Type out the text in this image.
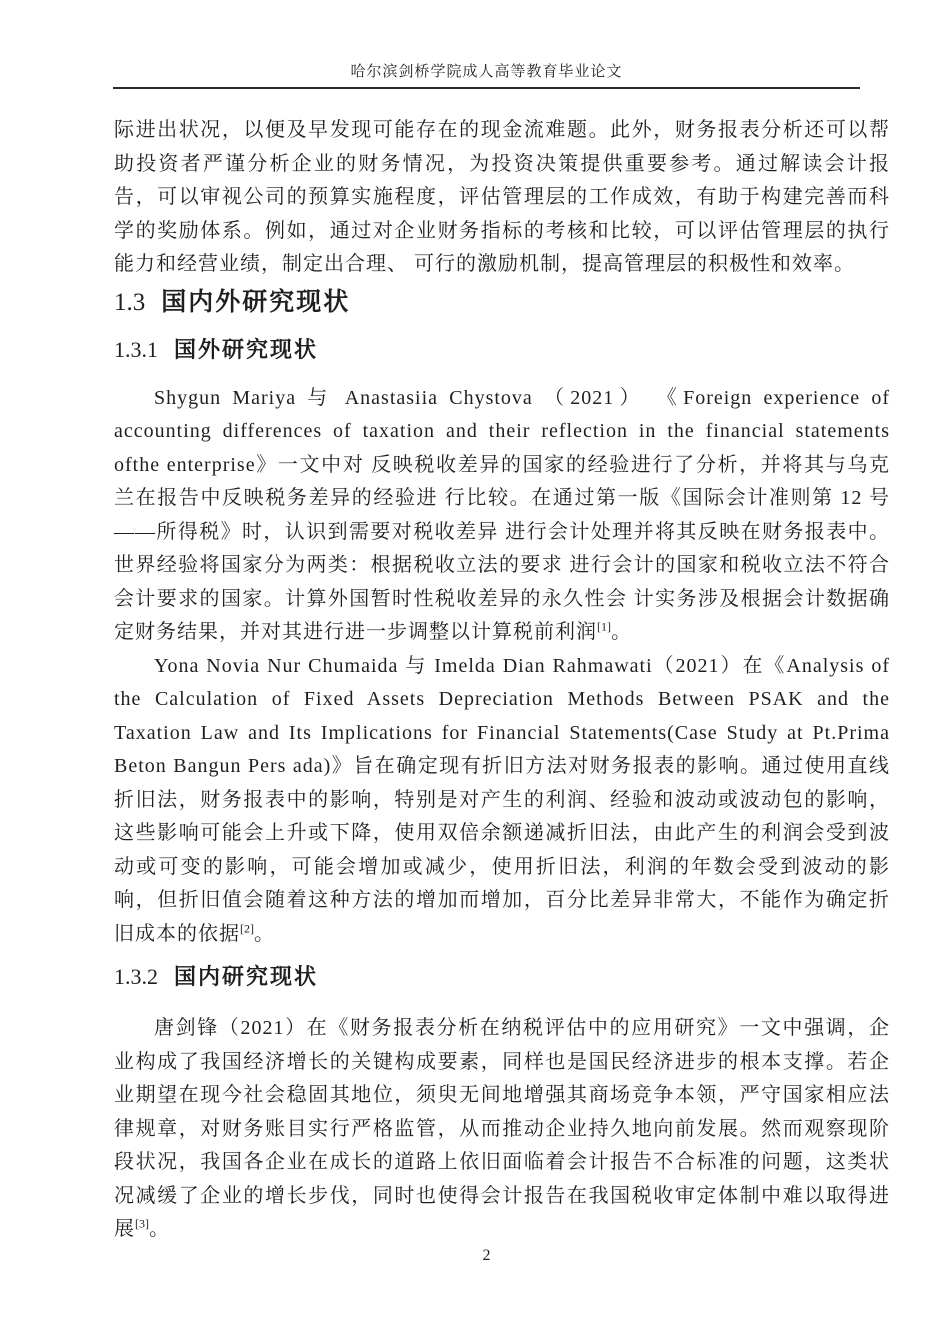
哈尔滨剑桥学院成人高等教育毕业论文

际进出状况，以便及早发现可能存在的现金流难题。此外，财务报表分析还可以帮助投资者严谨分析企业的财务情况，为投资决策提供重要参考。通过解读会计报告，可以审视公司的预算实施程度，评估管理层的工作成效，有助于构建完善而科学的奖励体系。例如，通过对企业财务指标的考核和比较，可以评估管理层的执行能力和经营业绩，制定出合理、 可行的激励机制，提高管理层的积极性和效率。

1.3 国内外研究现状
1.3.1 国外研究现状

Shygun Mariya 与 Anastasiia Chystova （2021） 《Foreign experience of accounting differences of taxation and their reflection in the financial statements ofthe enterprise》一文中对 反映税收差异的国家的经验进行了分析，并将其与乌克兰在报告中反映税务差异的经验进 行比较。在通过第一版《国际会计准则第 12 号——所得税》时，认识到需要对税收差异 进行会计处理并将其反映在财务报表中。世界经验将国家分为两类：根据税收立法的要求 进行会计的国家和税收立法不符合会计要求的国家。计算外国暂时性税收差异的永久性会 计实务涉及根据会计数据确定财务结果，并对其进行进一步调整以计算税前利润[1]。

Yona Novia Nur Chumaida 与 Imelda Dian Rahmawati（2021）在《Analysis of the Calculation of Fixed Assets Depreciation Methods Between PSAK and the Taxation Law and Its Implications for Financial Statements(Case Study at Pt.Prima Beton Bangun Pers ada)》旨在确定现有折旧方法对财务报表的影响。通过使用直线折旧法，财务报表中的影响，特别是对产生的利润、经验和波动或波动包的影响，这些影响可能会上升或下降，使用双倍余额递减折旧法，由此产生的利润会受到波动或可变的影响，可能会增加或减少，使用折旧法，利润的年数会受到波动的影响，但折旧值会随着这种方法的增加而增加，百分比差异非常大，不能作为确定折旧成本的依据[2]。

1.3.2 国内研究现状

唐剑锋（2021）在《财务报表分析在纳税评估中的应用研究》一文中强调，企业构成了我国经济增长的关键构成要素，同样也是国民经济进步的根本支撑。若企业期望在现今社会稳固其地位，须臾无间地增强其商场竞争本领，严守国家相应法律规章，对财务账目实行严格监管，从而推动企业持久地向前发展。然而观察现阶段状况，我国各企业在成长的道路上依旧面临着会计报告不合标准的问题，这类状况减缓了企业的增长步伐，同时也使得会计报告在我国税收审定体制中难以取得进展[3]。

2
